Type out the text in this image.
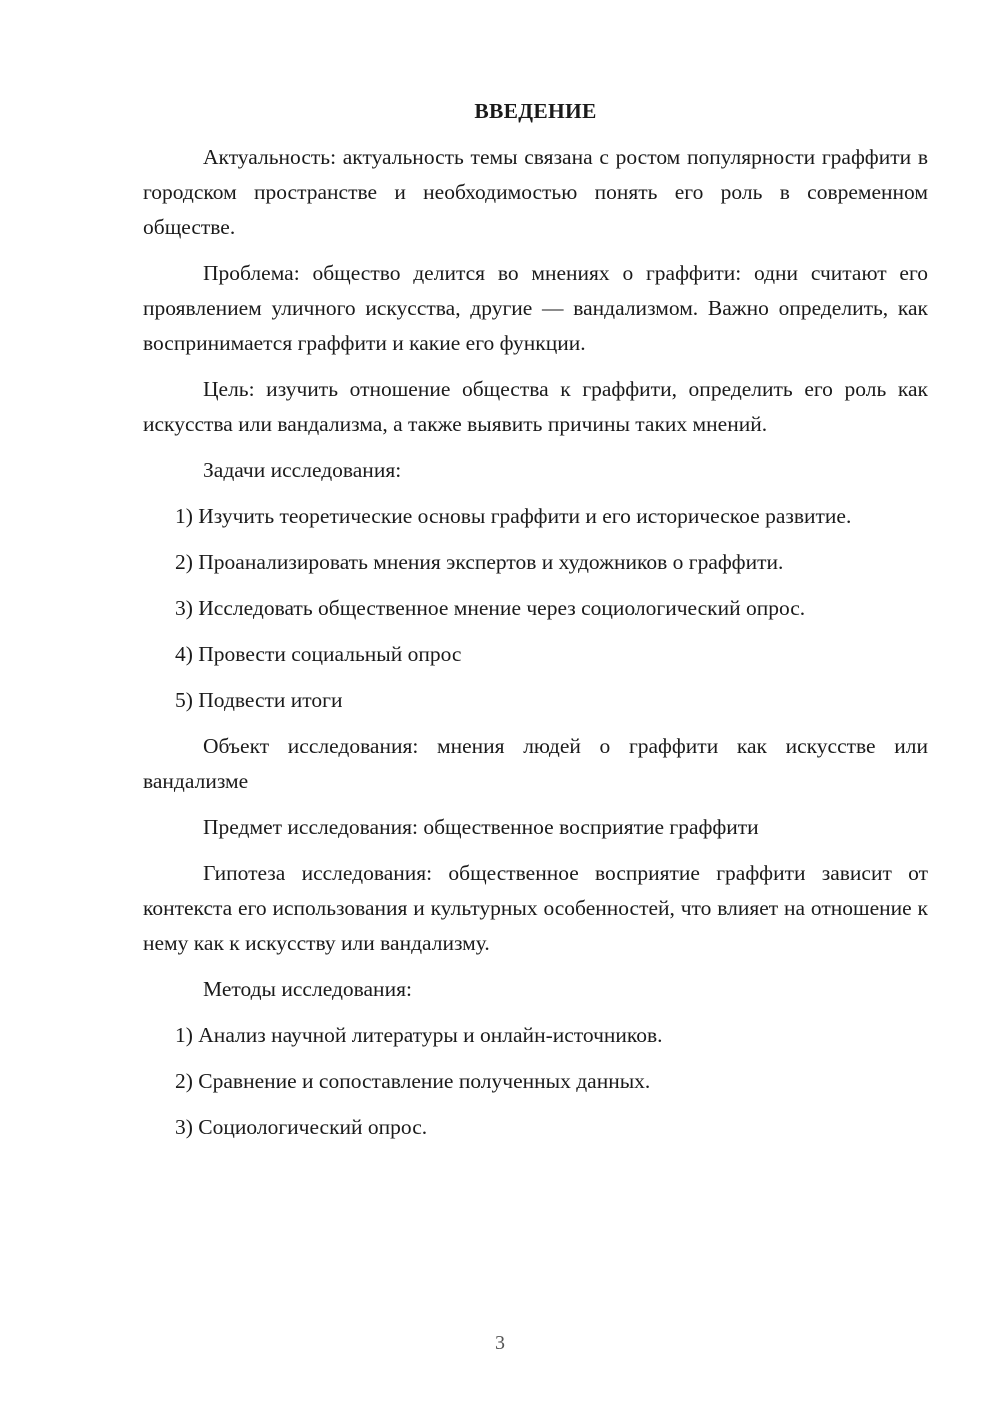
ВВЕДЕНИЕ

Актуальность: актуальность темы связана с ростом популярности граффити в городском пространстве и необходимостью понять его роль в современном обществе.

Проблема: общество делится во мнениях о граффити: одни считают его проявлением уличного искусства, другие — вандализмом. Важно определить, как воспринимается граффити и какие его функции.

Цель: изучить отношение общества к граффити, определить его роль как искусства или вандализма, а также выявить причины таких мнений.

Задачи исследования:

1) Изучить теоретические основы граффити и его историческое развитие.

2) Проанализировать мнения экспертов и художников о граффити.

3) Исследовать общественное мнение через социологический опрос.

4) Провести социальный опрос

5) Подвести итоги

Объект исследования: мнения людей о граффити как искусстве или вандализме

Предмет исследования: общественное восприятие граффити

Гипотеза исследования: общественное восприятие граффити зависит от контекста его использования и культурных особенностей, что влияет на отношение к нему как к искусству или вандализму.

Методы исследования:

1) Анализ научной литературы и онлайн-источников.

2) Сравнение и сопоставление полученных данных.

3) Социологический опрос.

3
